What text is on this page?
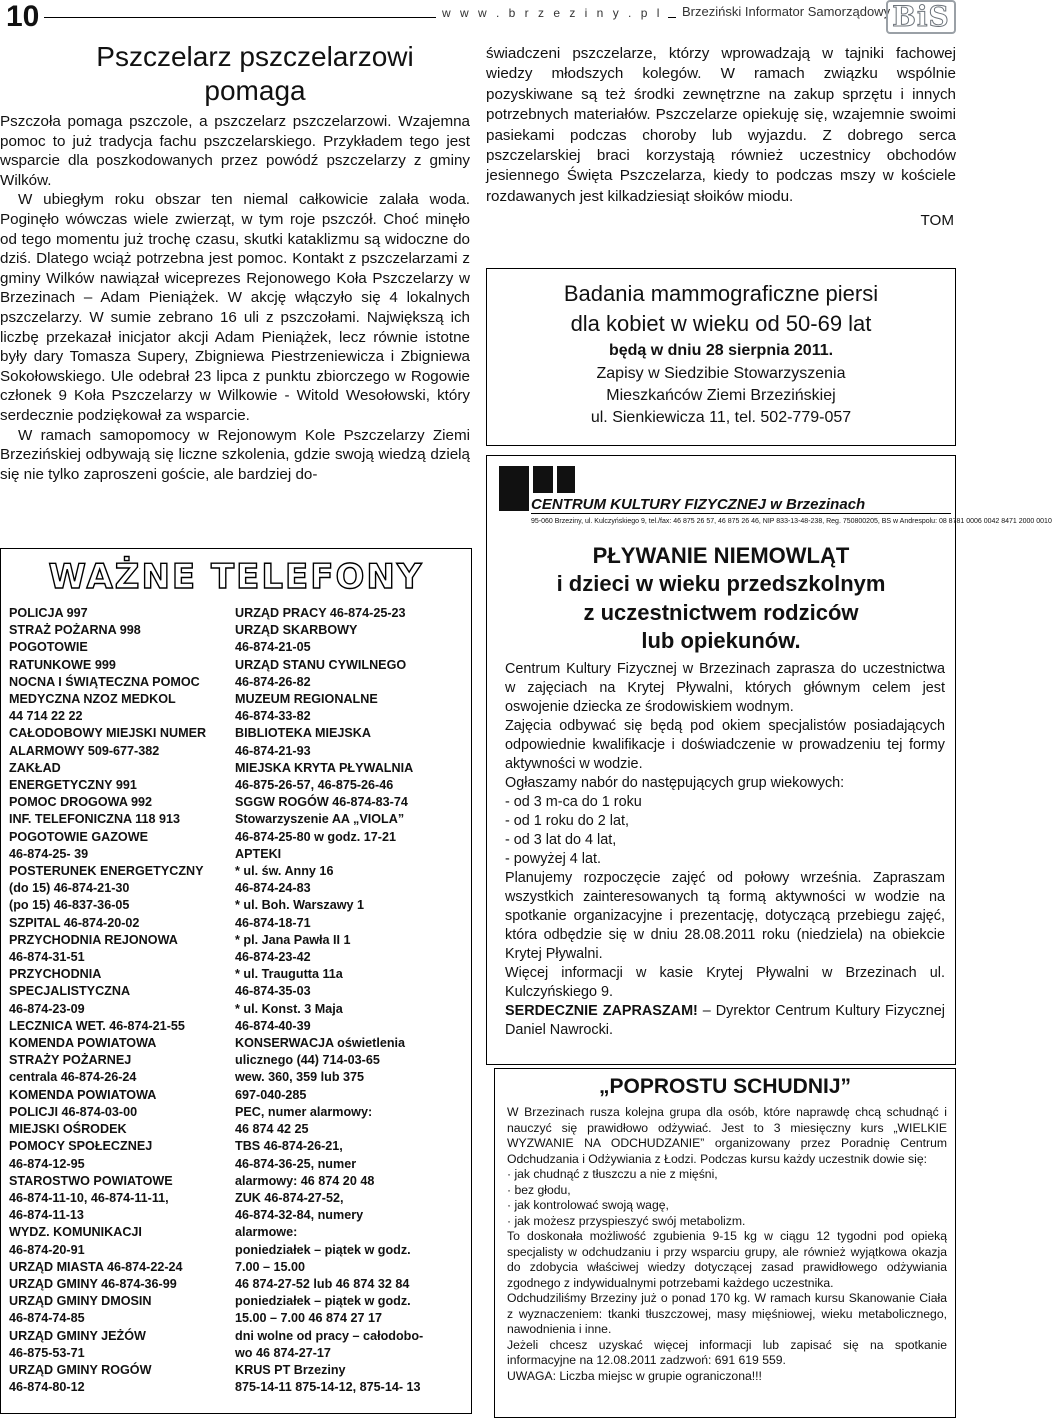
10	w w w . b r z e z i n y . p l	Brzeziński Informator Samorządowy BiS
Pszczelarz pszczelarzowi
pomaga

Pszczoła pomaga pszczole, a pszczelarz pszczelarzowi. Wzajemna pomoc to już tradycja fachu pszczelarskiego. Przykładem tego jest wsparcie dla poszkodowanych przez powódź pszczelarzy z gminy Wilków.

W ubiegłym roku obszar ten niemal całkowicie zalała woda. Poginęło wówczas wiele zwierząt, w tym roje pszczół. Choć minęło od tego momentu już trochę czasu, skutki kataklizmu są widoczne do dziś. Dlatego wciąż potrzebna jest pomoc. Kontakt z pszczelarzami z gminy Wilków nawiązał wiceprezes Rejonowego Koła Pszczelarzy w Brzezinach – Adam Pieniążek. W akcję włączyło się 4 lokalnych pszczelarzy. W sumie zebrano 16 uli z pszczołami. Największą ich liczbę przekazał inicjator akcji Adam Pieniążek, lecz równie istotne były dary Tomasza Supery, Zbigniewa Piestrzeniewicza i Zbigniewa Sokołowskiego. Ule odebrał 23 lipca z punktu zbiorczego w Rogowie członek 9 Koła Pszczelarzy w Wilkowie - Witold Wesołowski, który serdecznie podziękował za wsparcie.

W ramach samopomocy w Rejonowym Kole Pszczelarzy Ziemi Brzezińskiej odbywają się liczne szkolenia, gdzie swoją wiedzą dzielą się nie tylko zaproszeni goście, ale bardziej do-

świadczeni pszczelarze, którzy wprowadzają w tajniki fachowej wiedzy młodszych kolegów. W ramach związku wspólnie pozyskiwane są też środki zewnętrzne na zakup sprzętu i innych potrzebnych materiałów. Pszczelarze opiekuję się, wzajemnie swoimi pasiekami podczas choroby lub wyjazdu. Z dobrego serca pszczelarskiej braci korzystają również uczestnicy obchodów jesiennego Święta Pszczelarza, kiedy to podczas mszy w kościele rozdawanych jest kilkadziesiąt słoików miodu.

TOM

Badania mammograficzne piersi
dla kobiet w wieku od 50-69 lat
będą w dniu 28 sierpnia 2011.
Zapisy w Siedzibie Stowarzyszenia
Mieszkańców Ziemi Brzezińskiej
ul. Sienkiewicza 11, tel. 502-779-057
WAŻNE TELEFONY
POLICJA 997
STRAŻ POŻARNA 998
POGOTOWIE
RATUNKOWE 999
NOCNA I ŚWIĄTECZNA POMOC
MEDYCZNA NZOZ MEDKOL
44 714 22 22
CAŁODOBOWY MIEJSKI NUMER
ALARMOWY 509-677-382
ZAKŁAD
ENERGETYCZNY 991
POMOC DROGOWA 992
INF. TELEFONICZNA 118 913
POGOTOWIE GAZOWE
46-874-25- 39
POSTERUNEK ENERGETYCZNY
(do 15) 46-874-21-30
(po 15) 46-837-36-05
SZPITAL 46-874-20-02
PRZYCHODNIA REJONOWA
46-874-31-51
PRZYCHODNIA
SPECJALISTYCZNA
46-874-23-09
LECZNICA WET. 46-874-21-55
KOMENDA POWIATOWA
STRAŻY POŻARNEJ
centrala 46-874-26-24
KOMENDA POWIATOWA
POLICJI 46-874-03-00
MIEJSKI OŚRODEK
POMOCY SPOŁECZNEJ
46-874-12-95
STAROSTWO POWIATOWE
46-874-11-10, 46-874-11-11,
46-874-11-13
WYDZ. KOMUNIKACJI
46-874-20-91
URZĄD MIASTA 46-874-22-24
URZĄD GMINY 46-874-36-99
URZĄD GMINY DMOSIN
46-874-74-85
URZĄD GMINY JEŻÓW
46-875-53-71
URZĄD GMINY ROGÓW
46-874-80-12
URZĄD PRACY 46-874-25-23
URZĄD SKARBOWY
46-874-21-05
URZĄD STANU CYWILNEGO
46-874-26-82
MUZEUM REGIONALNE
46-874-33-82
BIBLIOTEKA MIEJSKA
46-874-21-93
MIEJSKA KRYTA PŁYWALNIA
46-875-26-57, 46-875-26-46
SGGW ROGÓW 46-874-83-74
Stowarzyszenie AA „VIOLA”
46-874-25-80 w godz. 17-21
APTEKI
* ul. św. Anny 16
46-874-24-83
* ul. Boh. Warszawy 1
46-874-18-71
* pl. Jana Pawła II 1
46-874-23-42
* ul. Traugutta 11a
46-874-35-03
* ul. Konst. 3 Maja
46-874-40-39
KONSERWACJA oświetlenia
ulicznego (44) 714-03-65
wew. 360, 359 lub 375
697-040-285
PEC, numer alarmowy:
46 874 42 25
TBS 46-874-26-21,
46-874-36-25, numer
alarmowy: 46 874 20 48
ZUK 46-874-27-52,
46-874-32-84, numery
alarmowe:
poniedziałek – piątek w godz.
7.00 – 15.00
46 874-27-52 lub 46 874 32 84
poniedziałek – piątek w godz.
15.00 – 7.00 46 874 27 17
dni wolne od pracy – całodobo-
wo 46 874-27-17
KRUS PT Brzeziny
875-14-11 875-14-12, 875-14- 13
CENTRUM KULTURY FIZYCZNEJ w Brzezinach
95-060 Brzeziny, ul. Kulczyńskiego 9, tel./fax: 46 875 26 57, 46 875 26 46, NIP 833-13-48-238, Reg. 750800205, BS w Andrespolu: 08 8781 0006 0042 8471 2000 0010
PŁYWANIE NIEMOWLĄT
i dzieci w wieku przedszkolnym
z uczestnictwem rodziców
lub opiekunów.

Centrum Kultury Fizycznej w Brzezinach zaprasza do uczestnictwa w zajęciach na Krytej Pływalni, których głównym celem jest oswojenie dziecka ze środowiskiem wodnym.

Zajęcia odbywać się będą pod okiem specjalistów posiadających odpowiednie kwalifikacje i doświadczenie w prowadzeniu tej formy aktywności w wodzie.

Ogłaszamy nabór do następujących grup wiekowych:

- od 3 m-ca do 1 roku

- od 1 roku do 2 lat,

- od 3 lat do 4 lat,

- powyżej 4 lat.

Planujemy rozpoczęcie zajęć od połowy września. Zapraszam wszystkich zainteresowanych tą formą aktywności w wodzie na spotkanie organizacyjne i prezentację, dotyczącą przebiegu zajęć, która odbędzie się w dniu 28.08.2011 roku (niedziela) na obiekcie Krytej Pływalni.

Więcej informacji w kasie Krytej Pływalni w Brzezinach ul. Kulczyńskiego 9.

SERDECZNIE ZAPRASZAM! – Dyrektor Centrum Kultury Fizycznej Daniel Nawrocki.

„POPROSTU SCHUDNIJ”

W Brzezinach rusza kolejna grupa dla osób, które naprawdę chcą schudnąć i nauczyć się prawidłowo odżywiać. Jest to 3 miesięczny kurs „WIELKIE WYZWANIE NA ODCHUDZANIE” organizowany przez Poradnię Centrum Odchudzania i Odżywiania z Łodzi. Podczas kursu każdy uczestnik dowie się:

· jak chudnąć z tłuszczu a nie z mięśni,

· bez głodu,

· jak kontrolować swoją wagę,

· jak możesz przyspieszyć swój metabolizm.

To doskonała możliwość zgubienia 9-15 kg w ciągu 12 tygodni pod opieką specjalisty w odchudzaniu i przy wsparciu grupy, ale również wyjątkowa okazja do zdobycia właściwej wiedzy dotyczącej zasad prawidłowego odżywiania zgodnego z indywidualnymi potrzebami każdego uczestnika.

Odchudziliśmy Brzeziny już o ponad 170 kg. W ramach kursu Skanowanie Ciała z wyznaczeniem: tkanki tłuszczowej, masy mięśniowej, wieku metabolicznego, nawodnienia i inne.

Jeżeli chcesz uzyskać więcej informacji lub zapisać się na spotkanie informacyjne na 12.08.2011 zadzwoń: 691 619 559.

UWAGA: Liczba miejsc w grupie ograniczona!!!
